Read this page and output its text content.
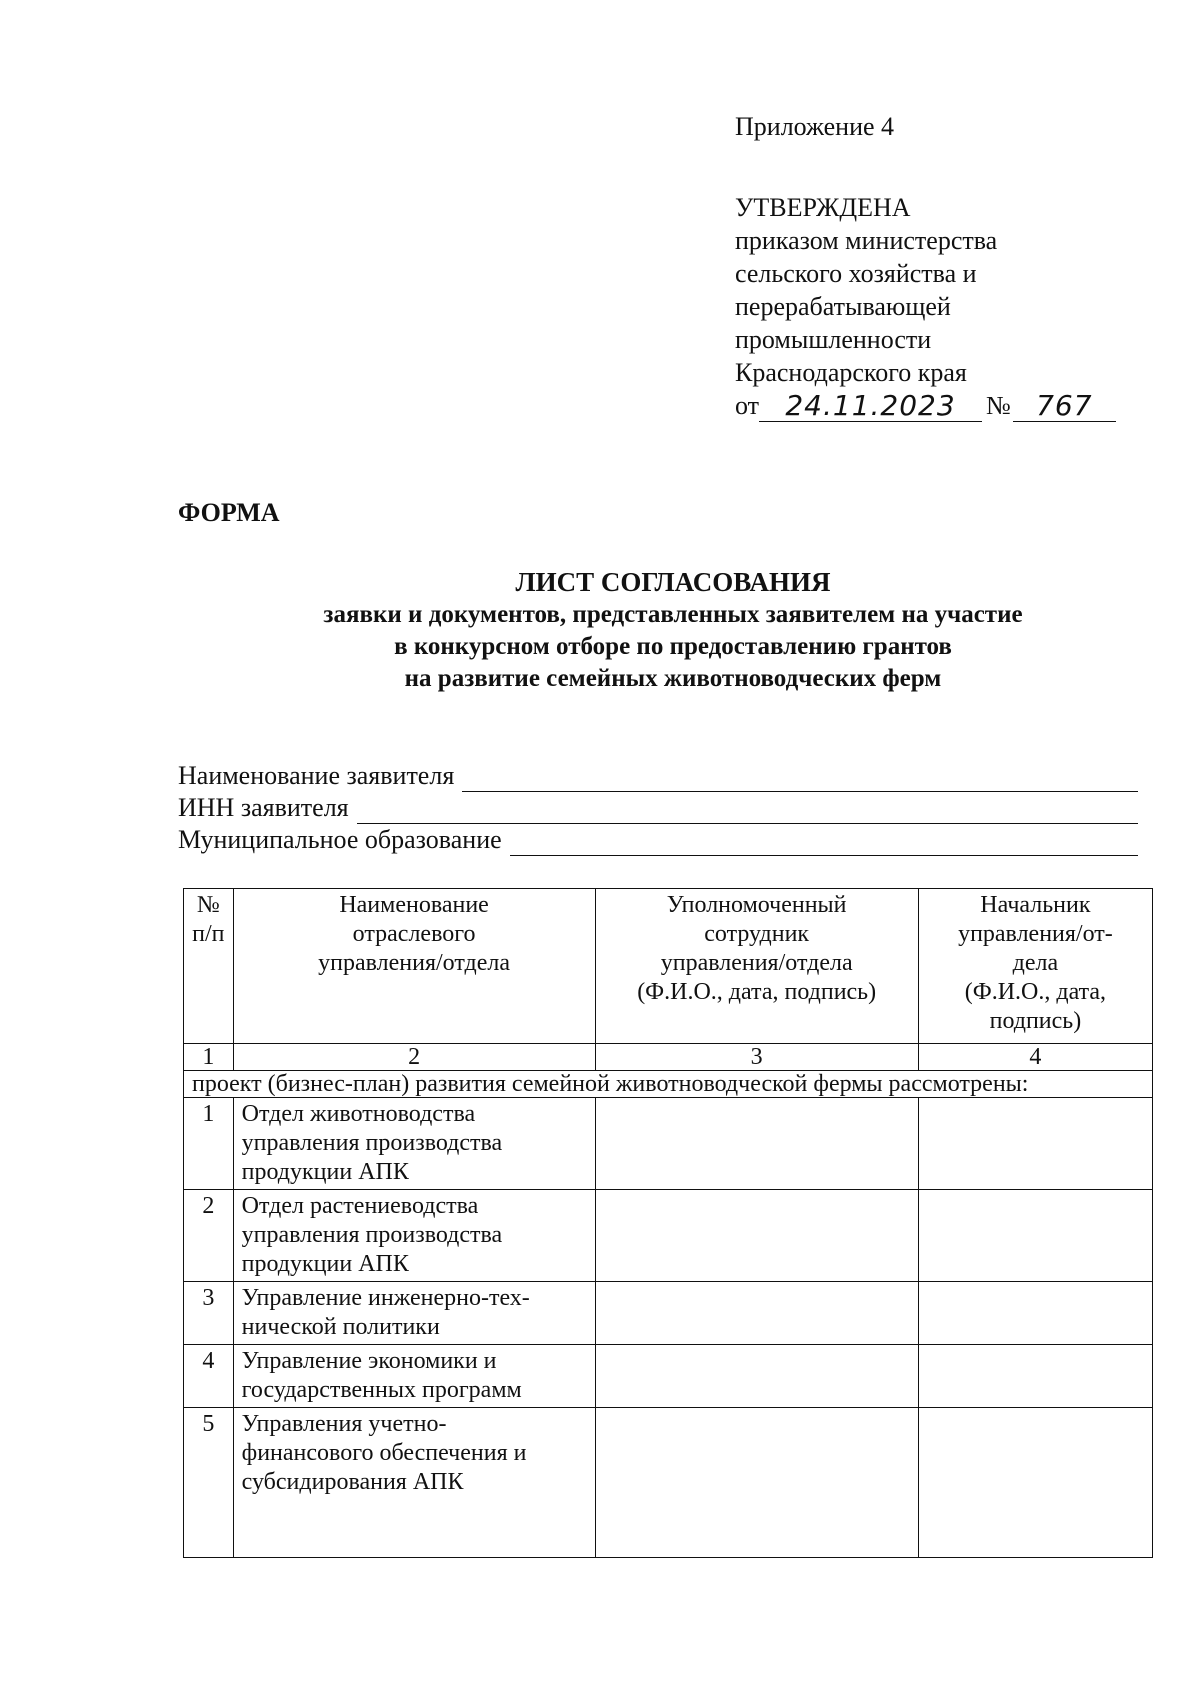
Приложение 4
УТВЕРЖДЕНА
приказом министерства
сельского хозяйства и
перерабатывающей
промышленности
Краснодарского края
от 24.11.2023	№ 767
ФОРМА
ЛИСТ СОГЛАСОВАНИЯ
заявки и документов, представленных заявителем на участие
в конкурсном отборе по предоставлению грантов
на развитие семейных животноводческих ферм
Наименование заявителя
ИНН заявителя
Муниципальное образование
№
п/п	Наименование
отраслевого
управления/отдела	Уполномоченный
сотрудник
управления/отдела
(Ф.И.О., дата, подпись)	Начальник
управления/от-
дела
(Ф.И.О., дата,
подпись)
1	2	3	4
проект (бизнес-план) развития семейной животноводческой фермы рассмотрены:			
1	Отдел животноводства
управления производства
продукции АПК		
2	Отдел растениеводства
управления производства
продукции АПК		
3	Управление инженерно-тех-
нической политики		
4	Управление экономики и
государственных программ		
5	Управления учетно-
финансового обеспечения и
субсидирования АПК		
